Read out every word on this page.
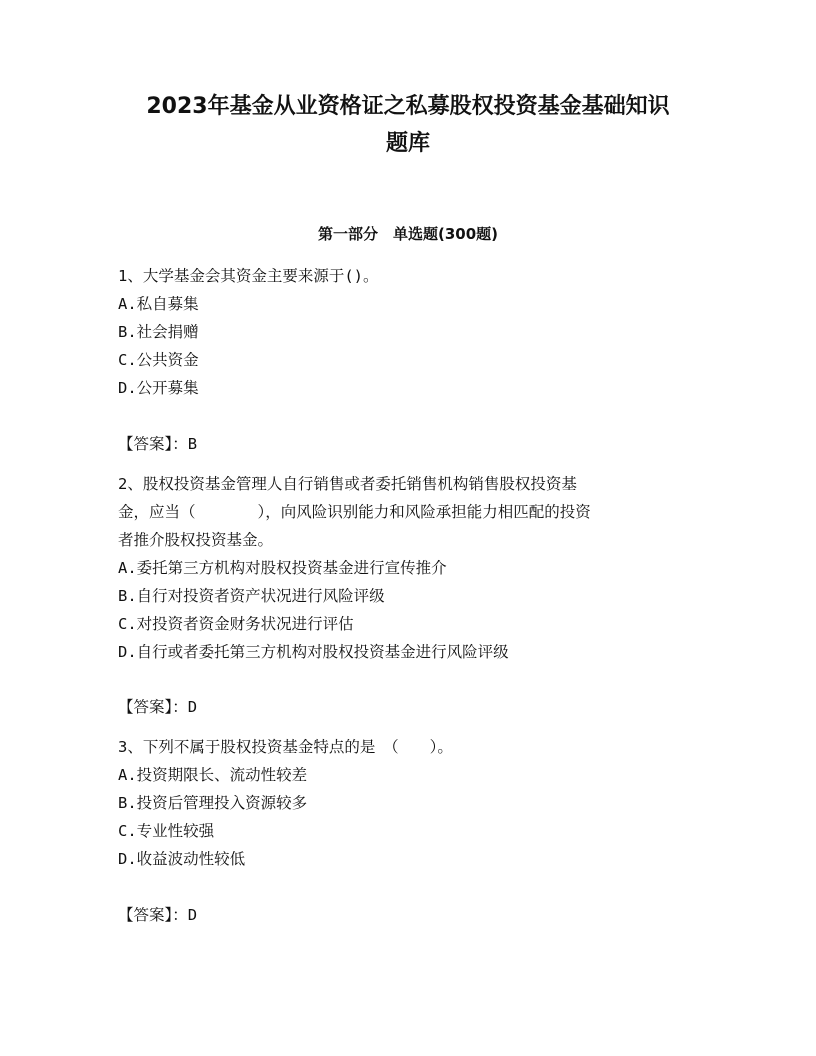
2023年基金从业资格证之私募股权投资基金基础知识
题库
第一部分　单选题(300题)

1、大学基金会其资金主要来源于()。

A.私自募集

B.社会捐赠

C.公共资金

D.公开募集

【答案】：B

2、股权投资基金管理人自行销售或者委托销售机构销售股权投资基

金，应当（　　　　），向风险识别能力和风险承担能力相匹配的投资

者推介股权投资基金。

A.委托第三方机构对股权投资基金进行宣传推介

B.自行对投资者资产状况进行风险评级

C.对投资者资金财务状况进行评估

D.自行或者委托第三方机构对股权投资基金进行风险评级

【答案】：D

3、下列不属于股权投资基金特点的是　（　　）。

A.投资期限长、流动性较差

B.投资后管理投入资源较多

C.专业性较强

D.收益波动性较低

【答案】：D
